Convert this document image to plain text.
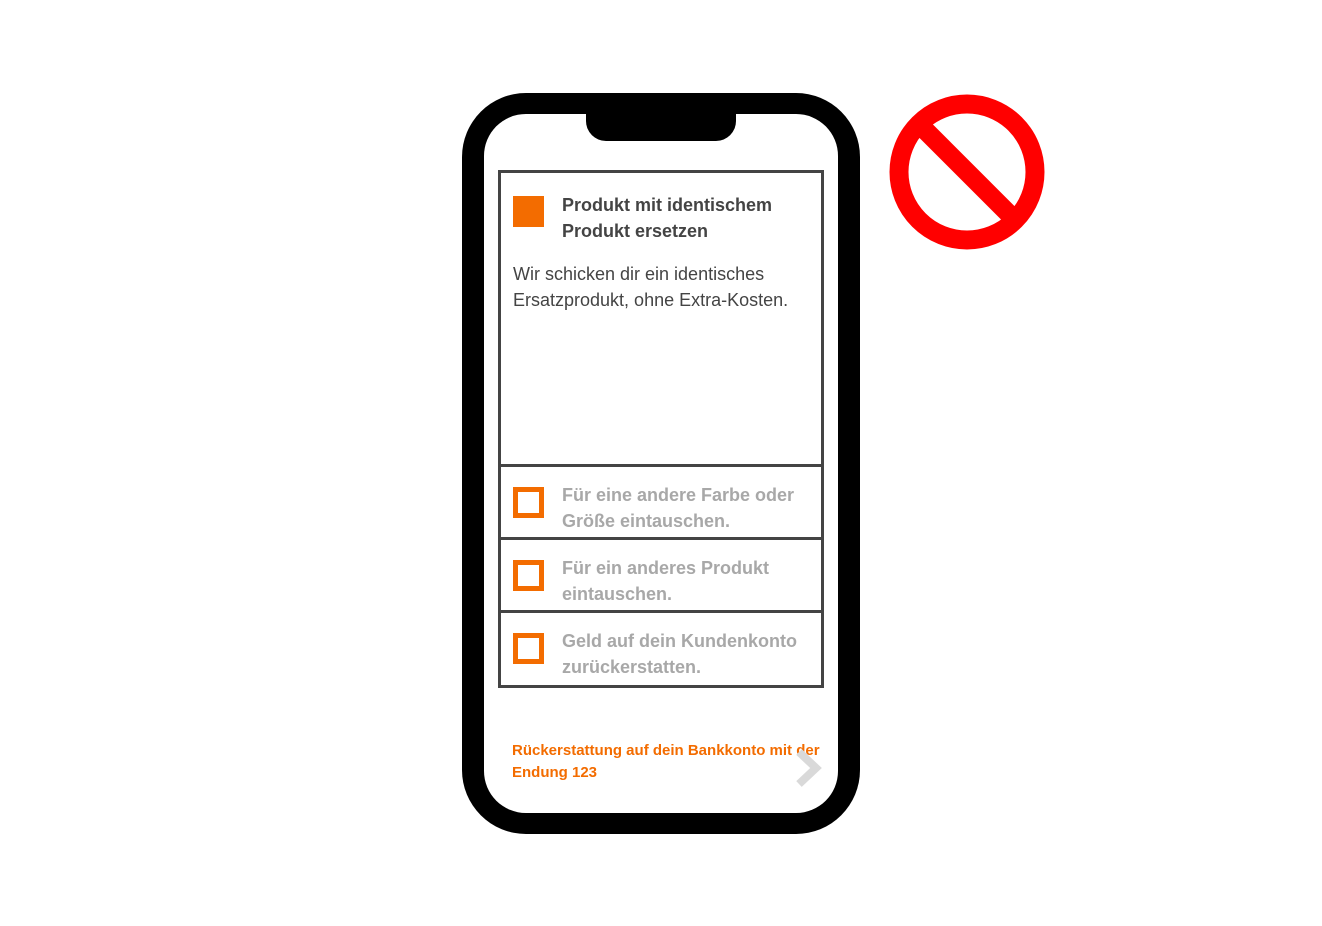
Produkt mit identischem Produkt ersetzen
Wir schicken dir ein identisches Ersatzprodukt, ohne Extra-Kosten.
Für eine andere Farbe oder Größe eintauschen.
Für ein anderes Produkt eintauschen.
Geld auf dein Kundenkonto zurückerstatten.
Rückerstattung auf dein Bankkonto mit der Endung 123
